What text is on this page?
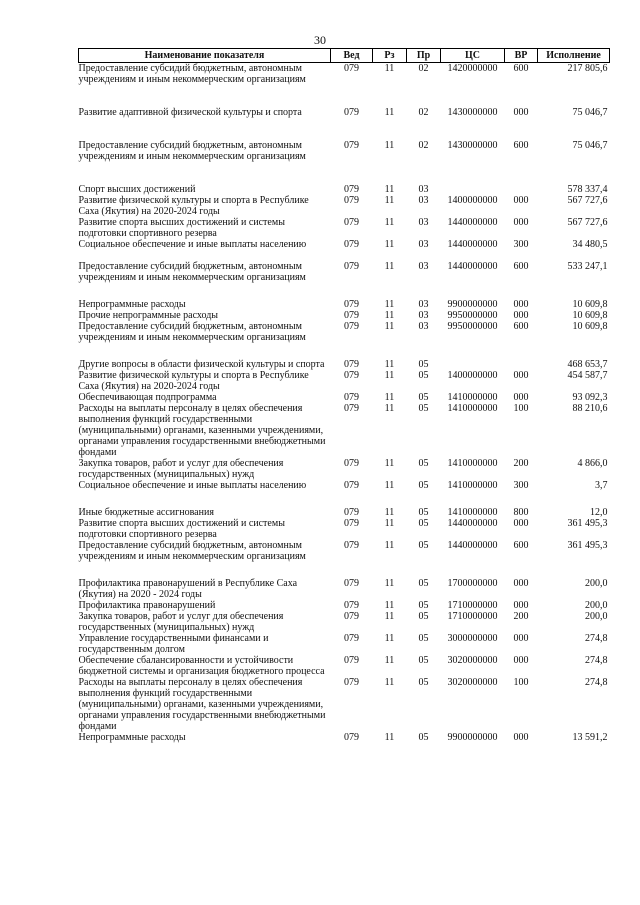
30
Наименование показателя	Вед	Рз	Пр	ЦС	ВР	Исполнение
Предоставление субсидий бюджетным, автономным учреждениям и иным некоммерческим организациям	079	11	02	1420000000	600	217 805,6

Развитие адаптивной физической культуры и спорта	079	11	02	1430000000	000	75 046,7

Предоставление субсидий бюджетным, автономным учреждениям и иным некоммерческим организациям	079	11	02	1430000000	600	75 046,7

Спорт высших достижений	079	11	03			578 337,4
Развитие физической культуры и спорта в Республике Саха (Якутия) на 2020-2024 годы	079	11	03	1400000000	000	567 727,6
Развитие спорта высших достижений и системы подготовки спортивного резерва	079	11	03	1440000000	000	567 727,6
Социальное обеспечение и иные выплаты населению	079	11	03	1440000000	300	34 480,5

Предоставление субсидий бюджетным, автономным учреждениям и иным некоммерческим организациям	079	11	03	1440000000	600	533 247,1

Непрограммные расходы	079	11	03	9900000000	000	10 609,8
Прочие непрограммные расходы	079	11	03	9950000000	000	10 609,8
Предоставление субсидий бюджетным, автономным учреждениям и иным некоммерческим организациям	079	11	03	9950000000	600	10 609,8

Другие вопросы в области физической культуры и спорта	079	11	05			468 653,7
Развитие физической культуры и спорта в Республике Саха (Якутия) на 2020-2024 годы	079	11	05	1400000000	000	454 587,7
Обеспечивающая подпрограмма	079	11	05	1410000000	000	93 092,3
Расходы на выплаты персоналу в целях обеспечения выполнения функций государственными (муниципальными) органами, казенными учреждениями, органами управления государственными внебюджетными фондами	079	11	05	1410000000	100	88 210,6
Закупка товаров, работ и услуг для обеспечения государственных (муниципальных) нужд	079	11	05	1410000000	200	4 866,0
Социальное обеспечение и иные выплаты населению	079	11	05	1410000000	300	3,7

Иные бюджетные ассигнования	079	11	05	1410000000	800	12,0
Развитие спорта высших достижений и системы подготовки спортивного резерва	079	11	05	1440000000	000	361 495,3
Предоставление субсидий бюджетным, автономным учреждениям и иным некоммерческим организациям	079	11	05	1440000000	600	361 495,3

Профилактика правонарушений в Республике Саха (Якутия) на 2020 - 2024 годы	079	11	05	1700000000	000	200,0
Профилактика правонарушений	079	11	05	1710000000	000	200,0
Закупка товаров, работ и услуг для обеспечения государственных (муниципальных) нужд	079	11	05	1710000000	200	200,0
Управление государственными финансами и государственным долгом	079	11	05	3000000000	000	274,8
Обеспечение сбалансированности и устойчивости бюджетной системы и организация бюджетного процесса	079	11	05	3020000000	000	274,8
Расходы на выплаты персоналу в целях обеспечения выполнения функций государственными (муниципальными) органами, казенными учреждениями, органами управления государственными внебюджетными фондами	079	11	05	3020000000	100	274,8
Непрограммные расходы	079	11	05	9900000000	000	13 591,2
